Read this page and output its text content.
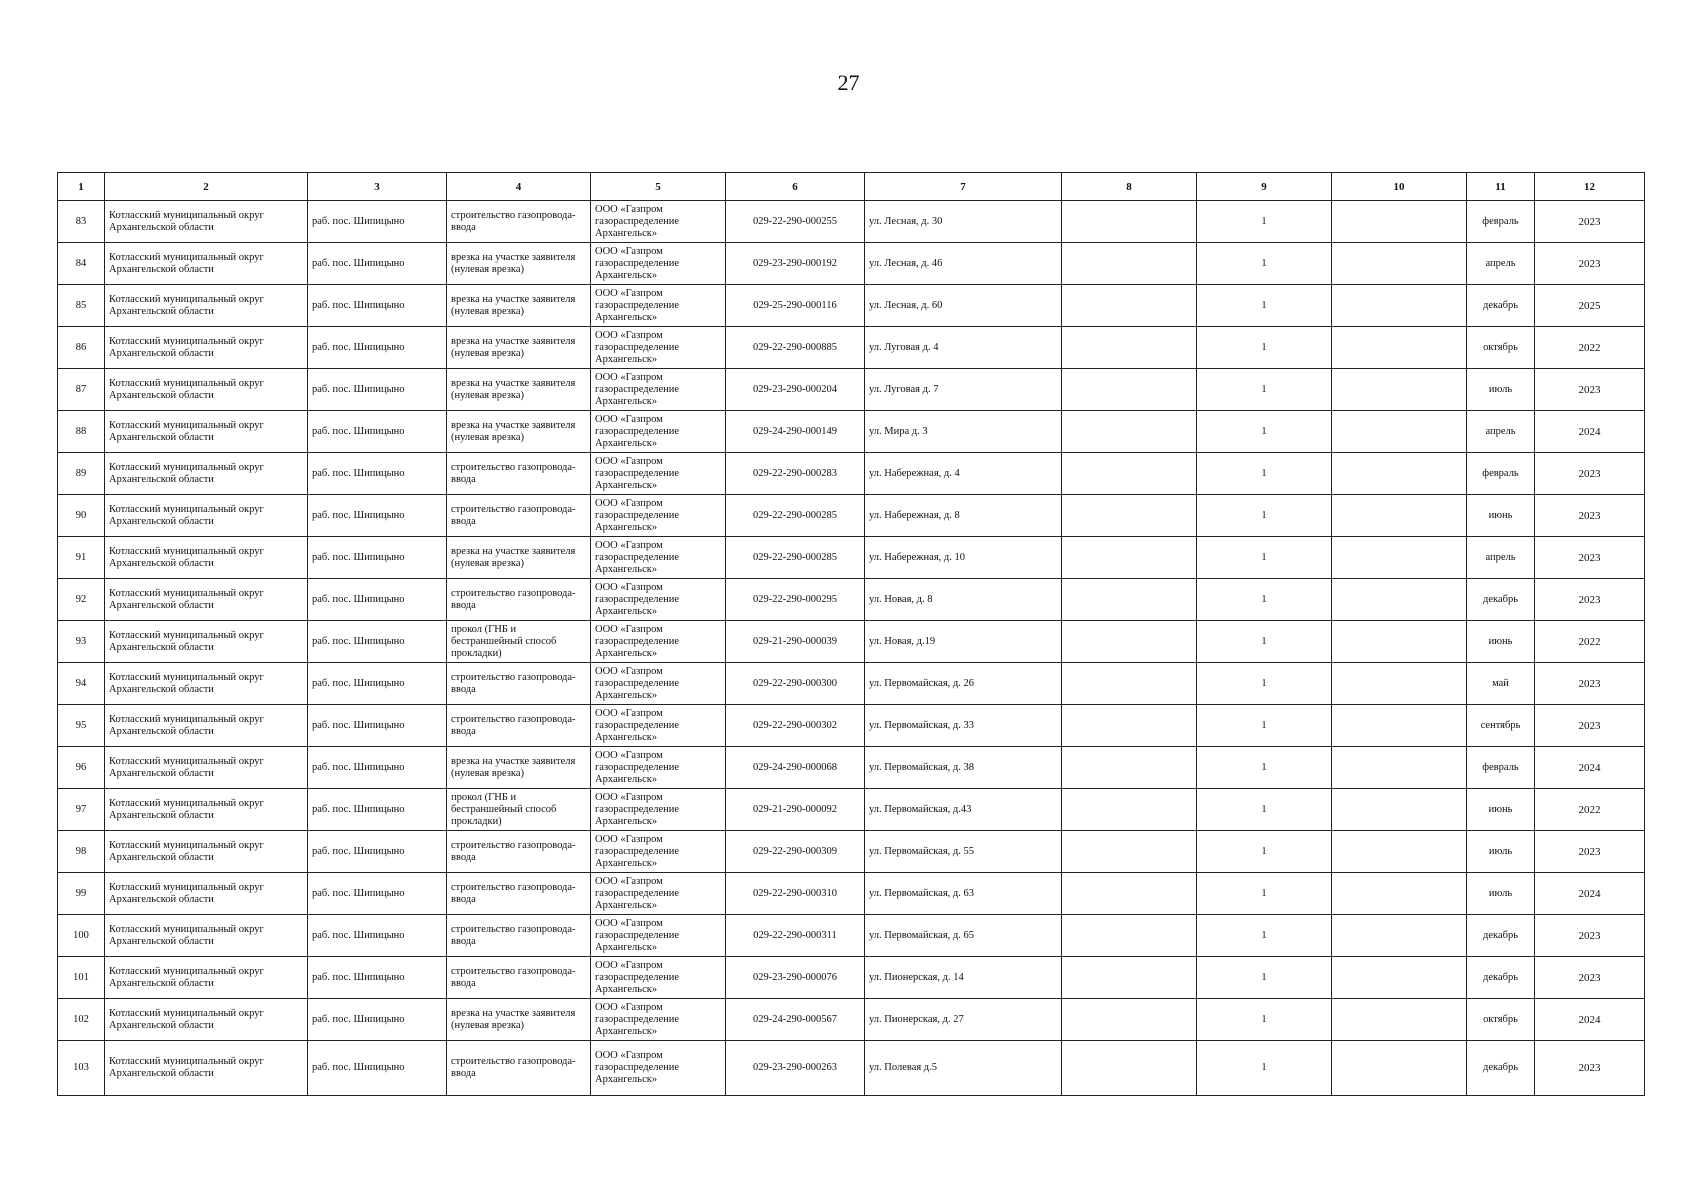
27
1	2	3	4	5	6	7	8	9	10	11	12
83	Котласский муниципальный округ Архангельской области	раб. пос. Шипицыно	строительство газопровода-ввода	ООО «Газпром газораспределение Архангельск»	029-22-290-000255	ул. Лесная, д. 30		1		февраль	2023
84	Котласский муниципальный округ Архангельской области	раб. пос. Шипицыно	врезка на участке заявителя (нулевая врезка)	ООО «Газпром газораспределение Архангельск»	029-23-290-000192	ул. Лесная, д. 46		1		апрель	2023
85	Котласский муниципальный округ Архангельской области	раб. пос. Шипицыно	врезка на участке заявителя (нулевая врезка)	ООО «Газпром газораспределение Архангельск»	029-25-290-000116	ул. Лесная, д. 60		1		декабрь	2025
86	Котласский муниципальный округ Архангельской области	раб. пос. Шипицыно	врезка на участке заявителя (нулевая врезка)	ООО «Газпром газораспределение Архангельск»	029-22-290-000885	ул. Луговая д. 4		1		октябрь	2022
87	Котласский муниципальный округ Архангельской области	раб. пос. Шипицыно	врезка на участке заявителя (нулевая врезка)	ООО «Газпром газораспределение Архангельск»	029-23-290-000204	ул. Луговая д. 7		1		июль	2023
88	Котласский муниципальный округ Архангельской области	раб. пос. Шипицыно	врезка на участке заявителя (нулевая врезка)	ООО «Газпром газораспределение Архангельск»	029-24-290-000149	ул. Мира д. 3		1		апрель	2024
89	Котласский муниципальный округ Архангельской области	раб. пос. Шипицыно	строительство газопровода-ввода	ООО «Газпром газораспределение Архангельск»	029-22-290-000283	ул. Набережная, д. 4		1		февраль	2023
90	Котласский муниципальный округ Архангельской области	раб. пос. Шипицыно	строительство газопровода-ввода	ООО «Газпром газораспределение Архангельск»	029-22-290-000285	ул. Набережная, д. 8		1		июнь	2023
91	Котласский муниципальный округ Архангельской области	раб. пос. Шипицыно	врезка на участке заявителя (нулевая врезка)	ООО «Газпром газораспределение Архангельск»	029-22-290-000285	ул. Набережная, д. 10		1		апрель	2023
92	Котласский муниципальный округ Архангельской области	раб. пос. Шипицыно	строительство газопровода-ввода	ООО «Газпром газораспределение Архангельск»	029-22-290-000295	ул. Новая, д. 8		1		декабрь	2023
93	Котласский муниципальный округ Архангельской области	раб. пос. Шипицыно	прокол (ГНБ и бестраншейный способ прокладки)	ООО «Газпром газораспределение Архангельск»	029-21-290-000039	ул. Новая, д.19		1		июнь	2022
94	Котласский муниципальный округ Архангельской области	раб. пос. Шипицыно	строительство газопровода-ввода	ООО «Газпром газораспределение Архангельск»	029-22-290-000300	ул. Первомайская, д. 26		1		май	2023
95	Котласский муниципальный округ Архангельской области	раб. пос. Шипицыно	строительство газопровода-ввода	ООО «Газпром газораспределение Архангельск»	029-22-290-000302	ул. Первомайская, д. 33		1		сентябрь	2023
96	Котласский муниципальный округ Архангельской области	раб. пос. Шипицыно	врезка на участке заявителя (нулевая врезка)	ООО «Газпром газораспределение Архангельск»	029-24-290-000068	ул. Первомайская, д. 38		1		февраль	2024
97	Котласский муниципальный округ Архангельской области	раб. пос. Шипицыно	прокол (ГНБ и бестраншейный способ прокладки)	ООО «Газпром газораспределение Архангельск»	029-21-290-000092	ул. Первомайская, д.43		1		июнь	2022
98	Котласский муниципальный округ Архангельской области	раб. пос. Шипицыно	строительство газопровода-ввода	ООО «Газпром газораспределение Архангельск»	029-22-290-000309	ул. Первомайская, д. 55		1		июль	2023
99	Котласский муниципальный округ Архангельской области	раб. пос. Шипицыно	строительство газопровода-ввода	ООО «Газпром газораспределение Архангельск»	029-22-290-000310	ул. Первомайская, д. 63		1		июль	2024
100	Котласский муниципальный округ Архангельской области	раб. пос. Шипицыно	строительство газопровода-ввода	ООО «Газпром газораспределение Архангельск»	029-22-290-000311	ул. Первомайская, д. 65		1		декабрь	2023
101	Котласский муниципальный округ Архангельской области	раб. пос. Шипицыно	строительство газопровода-ввода	ООО «Газпром газораспределение Архангельск»	029-23-290-000076	ул. Пионерская, д. 14		1		декабрь	2023
102	Котласский муниципальный округ Архангельской области	раб. пос. Шипицыно	врезка на участке заявителя (нулевая врезка)	ООО «Газпром газораспределение Архангельск»	029-24-290-000567	ул. Пионерская, д. 27		1		октябрь	2024
103	Котласский муниципальный округ Архангельской области	раб. пос. Шипицыно	строительство газопровода-ввода	ООО «Газпром газораспределение Архангельск»	029-23-290-000263	ул. Полевая д.5		1		декабрь	2023
